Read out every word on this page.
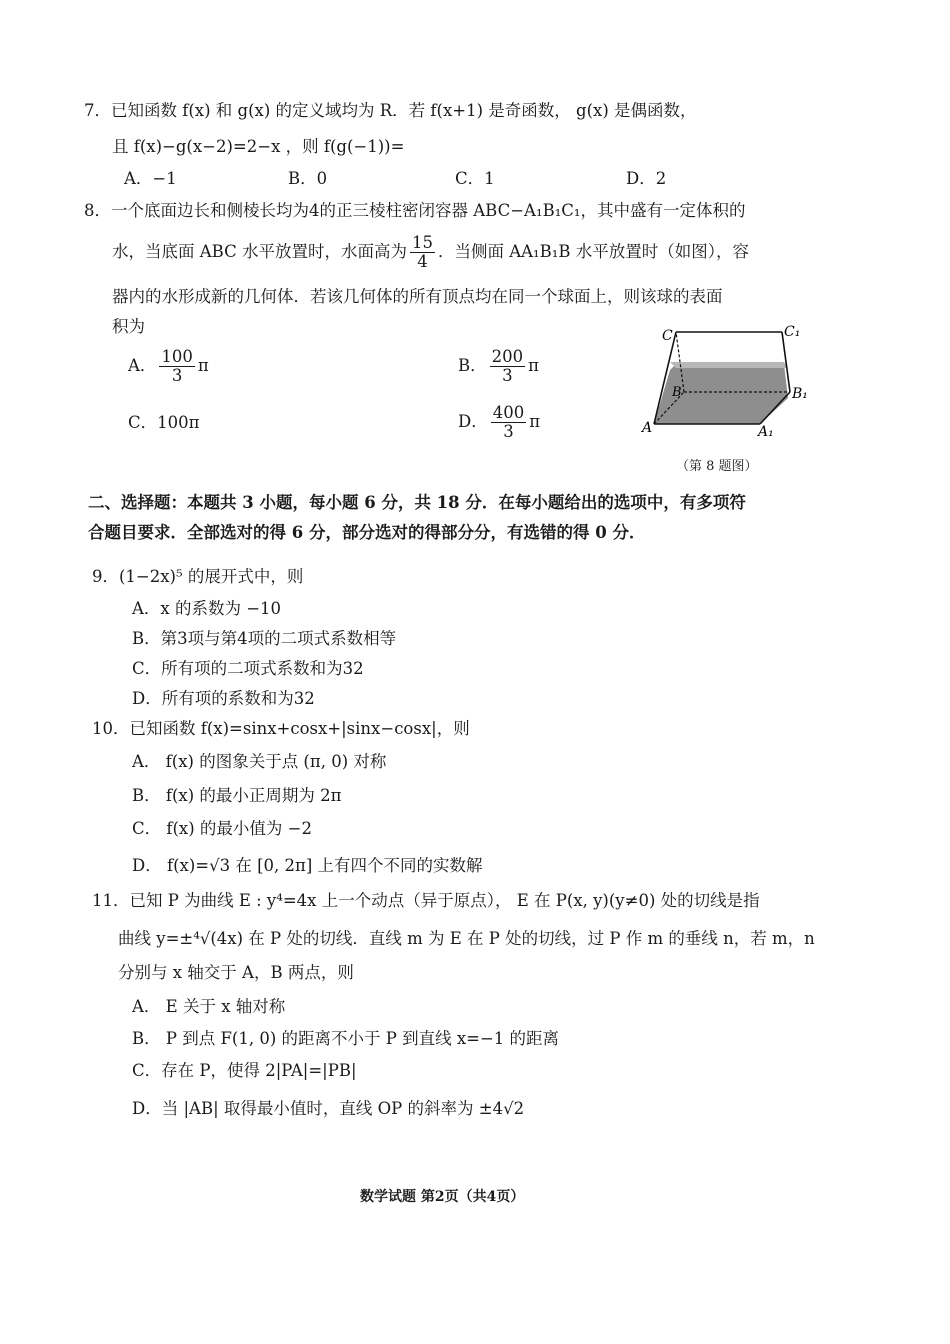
7．已知函数 f(x) 和 g(x) 的定义域均为 R．若 f(x+1) 是奇函数， g(x) 是偶函数，
且 f(x)−g(x−2)=2−x ，则 f(g(−1))=
A．−1	B．0	C．1	D．2
8．一个底面边长和侧棱长均为4的正三棱柱密闭容器 ABC−A₁B₁C₁，其中盛有一定体积的
水，当底面 ABC 水平放置时，水面高为 $\frac{15}{4}$ ．当侧面 AA₁B₁B 水平放置时（如图），容
器内的水形成新的几何体．若该几何体的所有顶点均在同一个球面上，则该球的表面
积为
A． $\frac{100}{3}$ π	B． $\frac{200}{3}$ π
C．100π	D． $\frac{400}{3}$ π
C	C₁
B	B₁
A	A₁
（第 8 题图）
二、选择题：本题共 3 小题，每小题 6 分，共 18 分．在每小题给出的选项中，有多项符
合题目要求．全部选对的得 6 分，部分选对的得部分分，有选错的得 0 分．
9．(1−2x)⁵ 的展开式中，则
A．x 的系数为 −10
B．第3项与第4项的二项式系数相等
C．所有项的二项式系数和为32
D．所有项的系数和为32
10．已知函数 f(x)=sinx+cosx+|sinx−cosx|，则
A． f(x) 的图象关于点 (π, 0) 对称
B． f(x) 的最小正周期为 2π
C． f(x) 的最小值为 −2
D． f(x)=√3 在 [0, 2π] 上有四个不同的实数解
11．已知 P 为曲线 E : y⁴=4x 上一个动点（异于原点）， E 在 P(x, y)(y≠0) 处的切线是指
曲线 y=±⁴√(4x) 在 P 处的切线．直线 m 为 E 在 P 处的切线，过 P 作 m 的垂线 n，若 m，n
分别与 x 轴交于 A，B 两点，则
A． E 关于 x 轴对称
B． P 到点 F(1, 0) 的距离不小于 P 到直线 x=−1 的距离
C．存在 P，使得 2|PA|=|PB|
D．当 |AB| 取得最小值时，直线 OP 的斜率为 ±4√2
数学试题 第2页（共4页）
